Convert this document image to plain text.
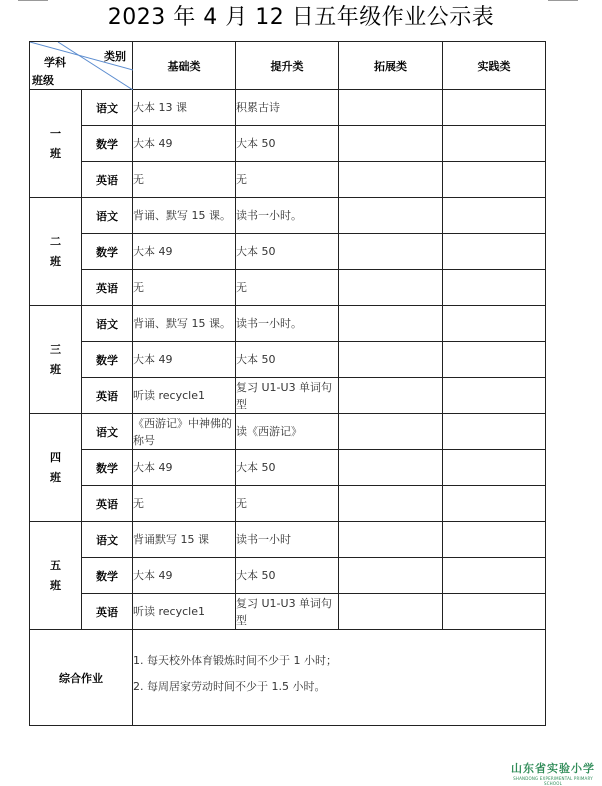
2023 年 4 月 12 日五年级作业公示表
类别
学科
班级		基础类	提升类	拓展类	实践类
一
班	语文	大本 13 课	积累古诗		
	数学	大本 49	大本 50		
	英语	无	无		
二
班	语文	背诵、默写 15 课。	读书一小时。		
	数学	大本 49	大本 50		
	英语	无	无		
三
班	语文	背诵、默写 15 课。	读书一小时。		
	数学	大本 49	大本 50		
	英语	听读 recycle1	复习 U1-U3 单词句型		
四
班	语文	《西游记》中神佛的称号	读《西游记》		
	数学	大本 49	大本 50		
	英语	无	无		
五
班	语文	背诵默写 15 课	读书一小时		
	数学	大本 49	大本 50		
	英语	听读 recycle1	复习 U1-U3 单词句型		
综合作业		1. 每天校外体育锻炼时间不少于 1 小时；

2. 每周居家劳动时间不少于 1.5 小时。			

山东省实验小学
SHANDONG EXPERIMENTAL PRIMARY SCHOOL
